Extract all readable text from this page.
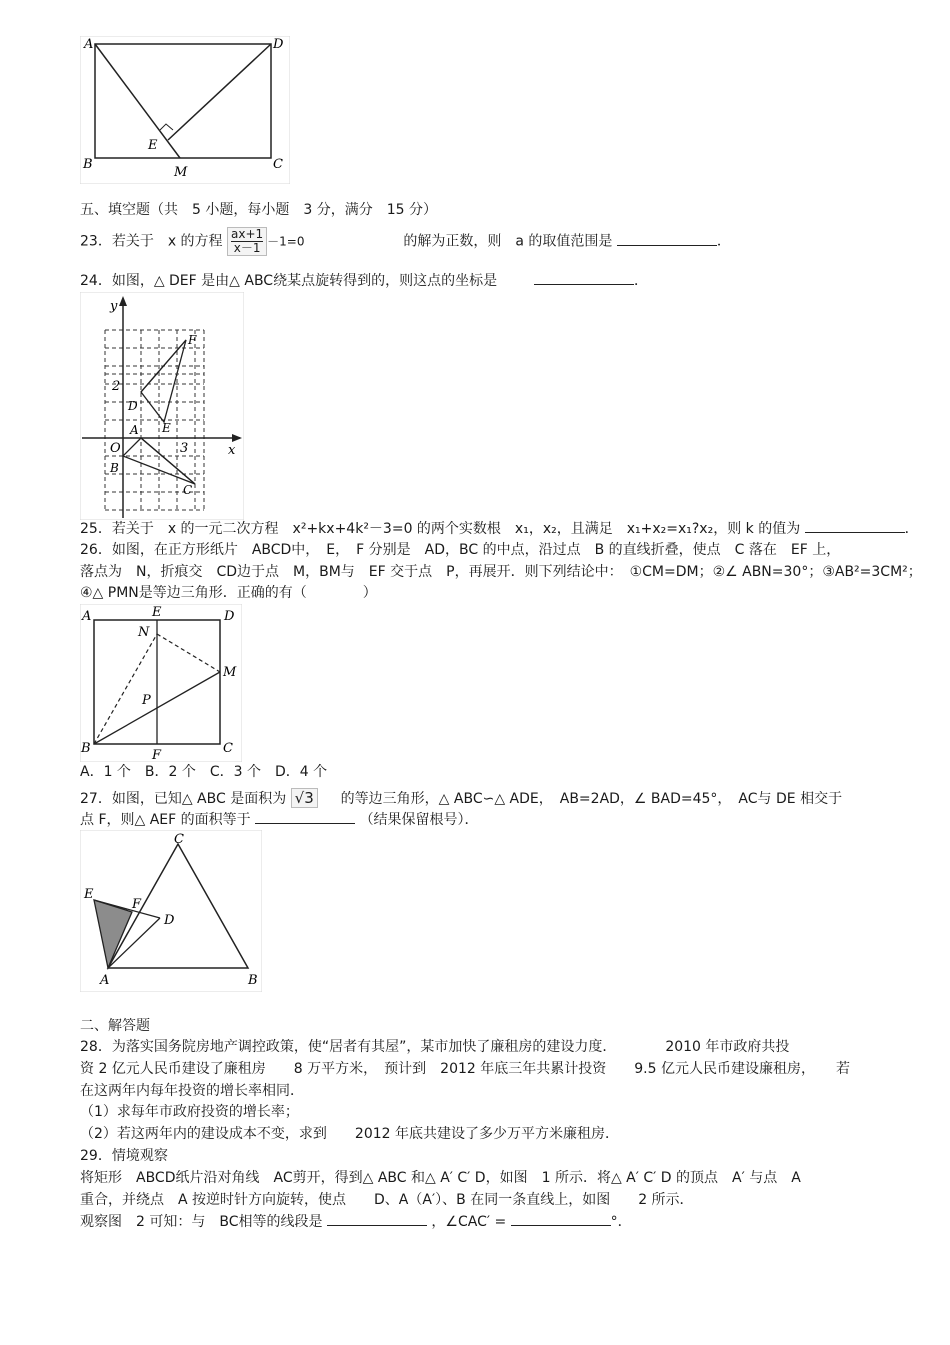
A	D
B	C
E
M
五、填空题（共　5 小题，每小题　3 分，满分　15 分）
23．若关于　x 的方程 $\frac{ax+1}{x-1} -1=0$	的解为正数，则　a 的取值范围是	．
24．如图，△ DEF 是由△ ABC绕某点旋转得到的，则这点的坐标是	．
y
x
O
2
3
A
B
C
D
E
F
25．若关于　x 的一元二次方程　x²+kx+4k²－3=0 的两个实数根　x₁，x₂，且满足　x₁+x₂=x₁?x₂，则 k 的值为	．
26．如图，在正方形纸片　ABCD中，　E，　F 分别是　AD，BC 的中点，沿过点　B 的直线折叠，使点　C 落在　EF 上，
落点为　N，折痕交　CD边于点　M，BM与　EF 交于点　P，再展开．则下列结论中：　①CM=DM；②∠ ABN=30°；③AB²=3CM²；
④△ PMN是等边三角形．正确的有（　　　　）
A	E	D
N
M
P
B	F	C
A．1 个　B．2 个　C．3 个　D．4 个
27．如图，已知△ ABC 是面积为 √3 的等边三角形，△ ABC∽△ ADE，　AB=2AD，∠ BAD=45°，　AC与 DE 相交于
点 F，则△ AEF 的面积等于	（结果保留根号）．
C
E
F
D
A	B
二、解答题
28．为落实国务院房地产调控政策，使“居者有其屋”，某市加快了廉租房的建设力度．　　　　2010 年市政府共投
资 2 亿元人民币建设了廉租房　　8 万平方米，　预计到　2012 年底三年共累计投资　　9.5 亿元人民币建设廉租房，　　若
在这两年内每年投资的增长率相同．
（1）求每年市政府投资的增长率；
（2）若这两年内的建设成本不变，求到　　2012 年底共建设了多少万平方米廉租房．
29．情境观察
将矩形　ABCD纸片沿对角线　AC剪开，得到△ ABC 和△ A′ C′ D，如图　1 所示．将△ A′ C′ D 的顶点　A′ 与点　A
重合，并绕点　A 按逆时针方向旋转，使点　　D、A（A′）、B 在同一条直线上，如图　　2 所示．
观察图　2 可知：与　BC相等的线段是	，∠CAC′ =	°．
